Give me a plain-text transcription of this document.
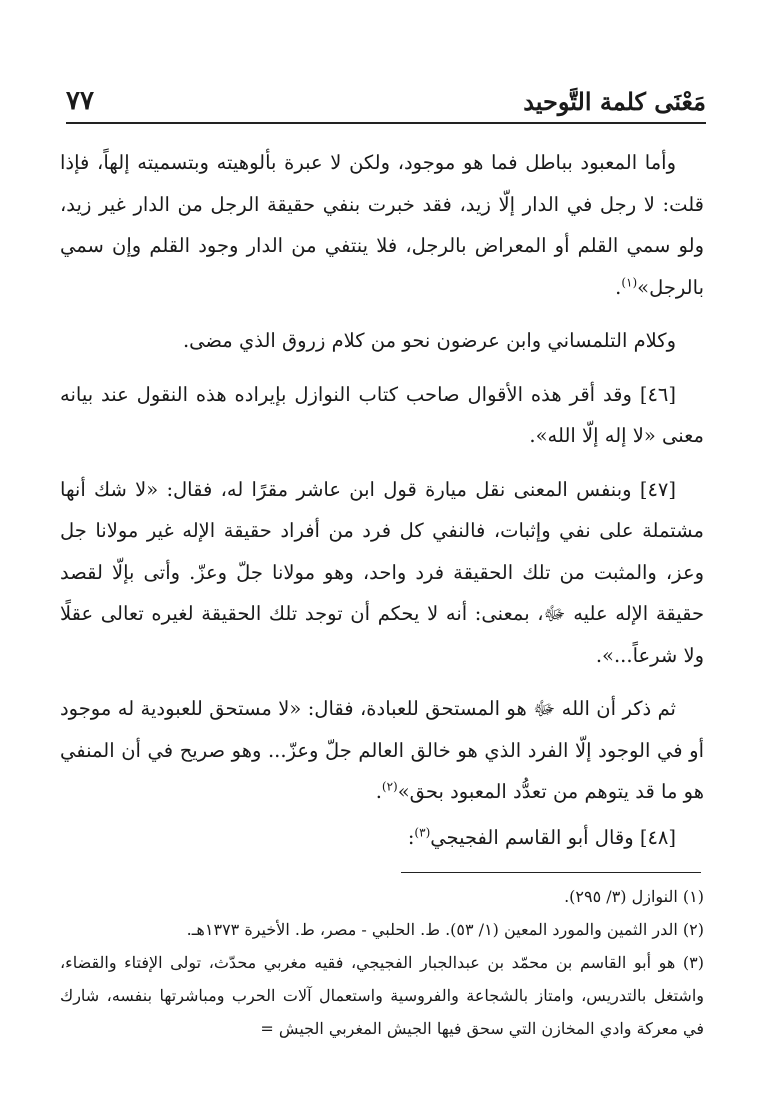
٧٧	مَعْنَى كلمة التَّوحيد

وأما المعبود بباطل فما هو موجود، ولكن لا عبرة بألوهيته وبتسميته إلهاً، فإذا قلت: لا رجل في الدار إلّا زيد، فقد خبرت بنفي حقيقة الرجل من الدار غير زيد، ولو سمي القلم أو المعراض بالرجل، فلا ينتفي من الدار وجود القلم وإن سمي بالرجل»$^{(١)}$.

وكلام التلمساني وابن عرضون نحو من كلام زروق الذي مضى.

[٤٦] وقد أقر هذه الأقوال صاحب كتاب النوازل بإيراده هذه النقول عند بيانه معنى «لا إله إلّا الله».

[٤٧] وبنفس المعنى نقل ميارة قول ابن عاشر مقرًا له، فقال: «لا شك أنها مشتملة على نفي وإثبات، فالنفي كل فرد من أفراد حقيقة الإله غير مولانا جل وعز، والمثبت من تلك الحقيقة فرد واحد، وهو مولانا جلّ وعزّ. وأتى بإلّا لقصد حقيقة الإله عليه ﷻ، بمعنى: أنه لا يحكم أن توجد تلك الحقيقة لغيره تعالى عقلًا ولا شرعاً...».

ثم ذكر أن الله ﷻ هو المستحق للعبادة، فقال: «لا مستحق للعبودية له موجود أو في الوجود إلّا الفرد الذي هو خالق العالم جلّ وعزّ... وهو صريح في أن المنفي هو ما قد يتوهم من تعدُّد المعبود بحق»$^{(٢)}$.

[٤٨] وقال أبو القاسم الفجيجي$^{(٣)}$:

(١) النوازل (٣/ ٢٩٥).

(٢) الدر الثمين والمورد المعين (١/ ٥٣). ط. الحلبي - مصر، ط. الأخيرة ١٣٧٣هـ.

(٣) هو أبو القاسم بن محمّد بن عبدالجبار الفجيجي، فقيه مغربي محدّث، تولى الإفتاء والقضاء، واشتغل بالتدريس، وامتاز بالشجاعة والفروسية واستعمال آلات الحرب ومباشرتها بنفسه، شارك في معركة وادي المخازن التي سحق فيها الجيش المغربي الجيش =
